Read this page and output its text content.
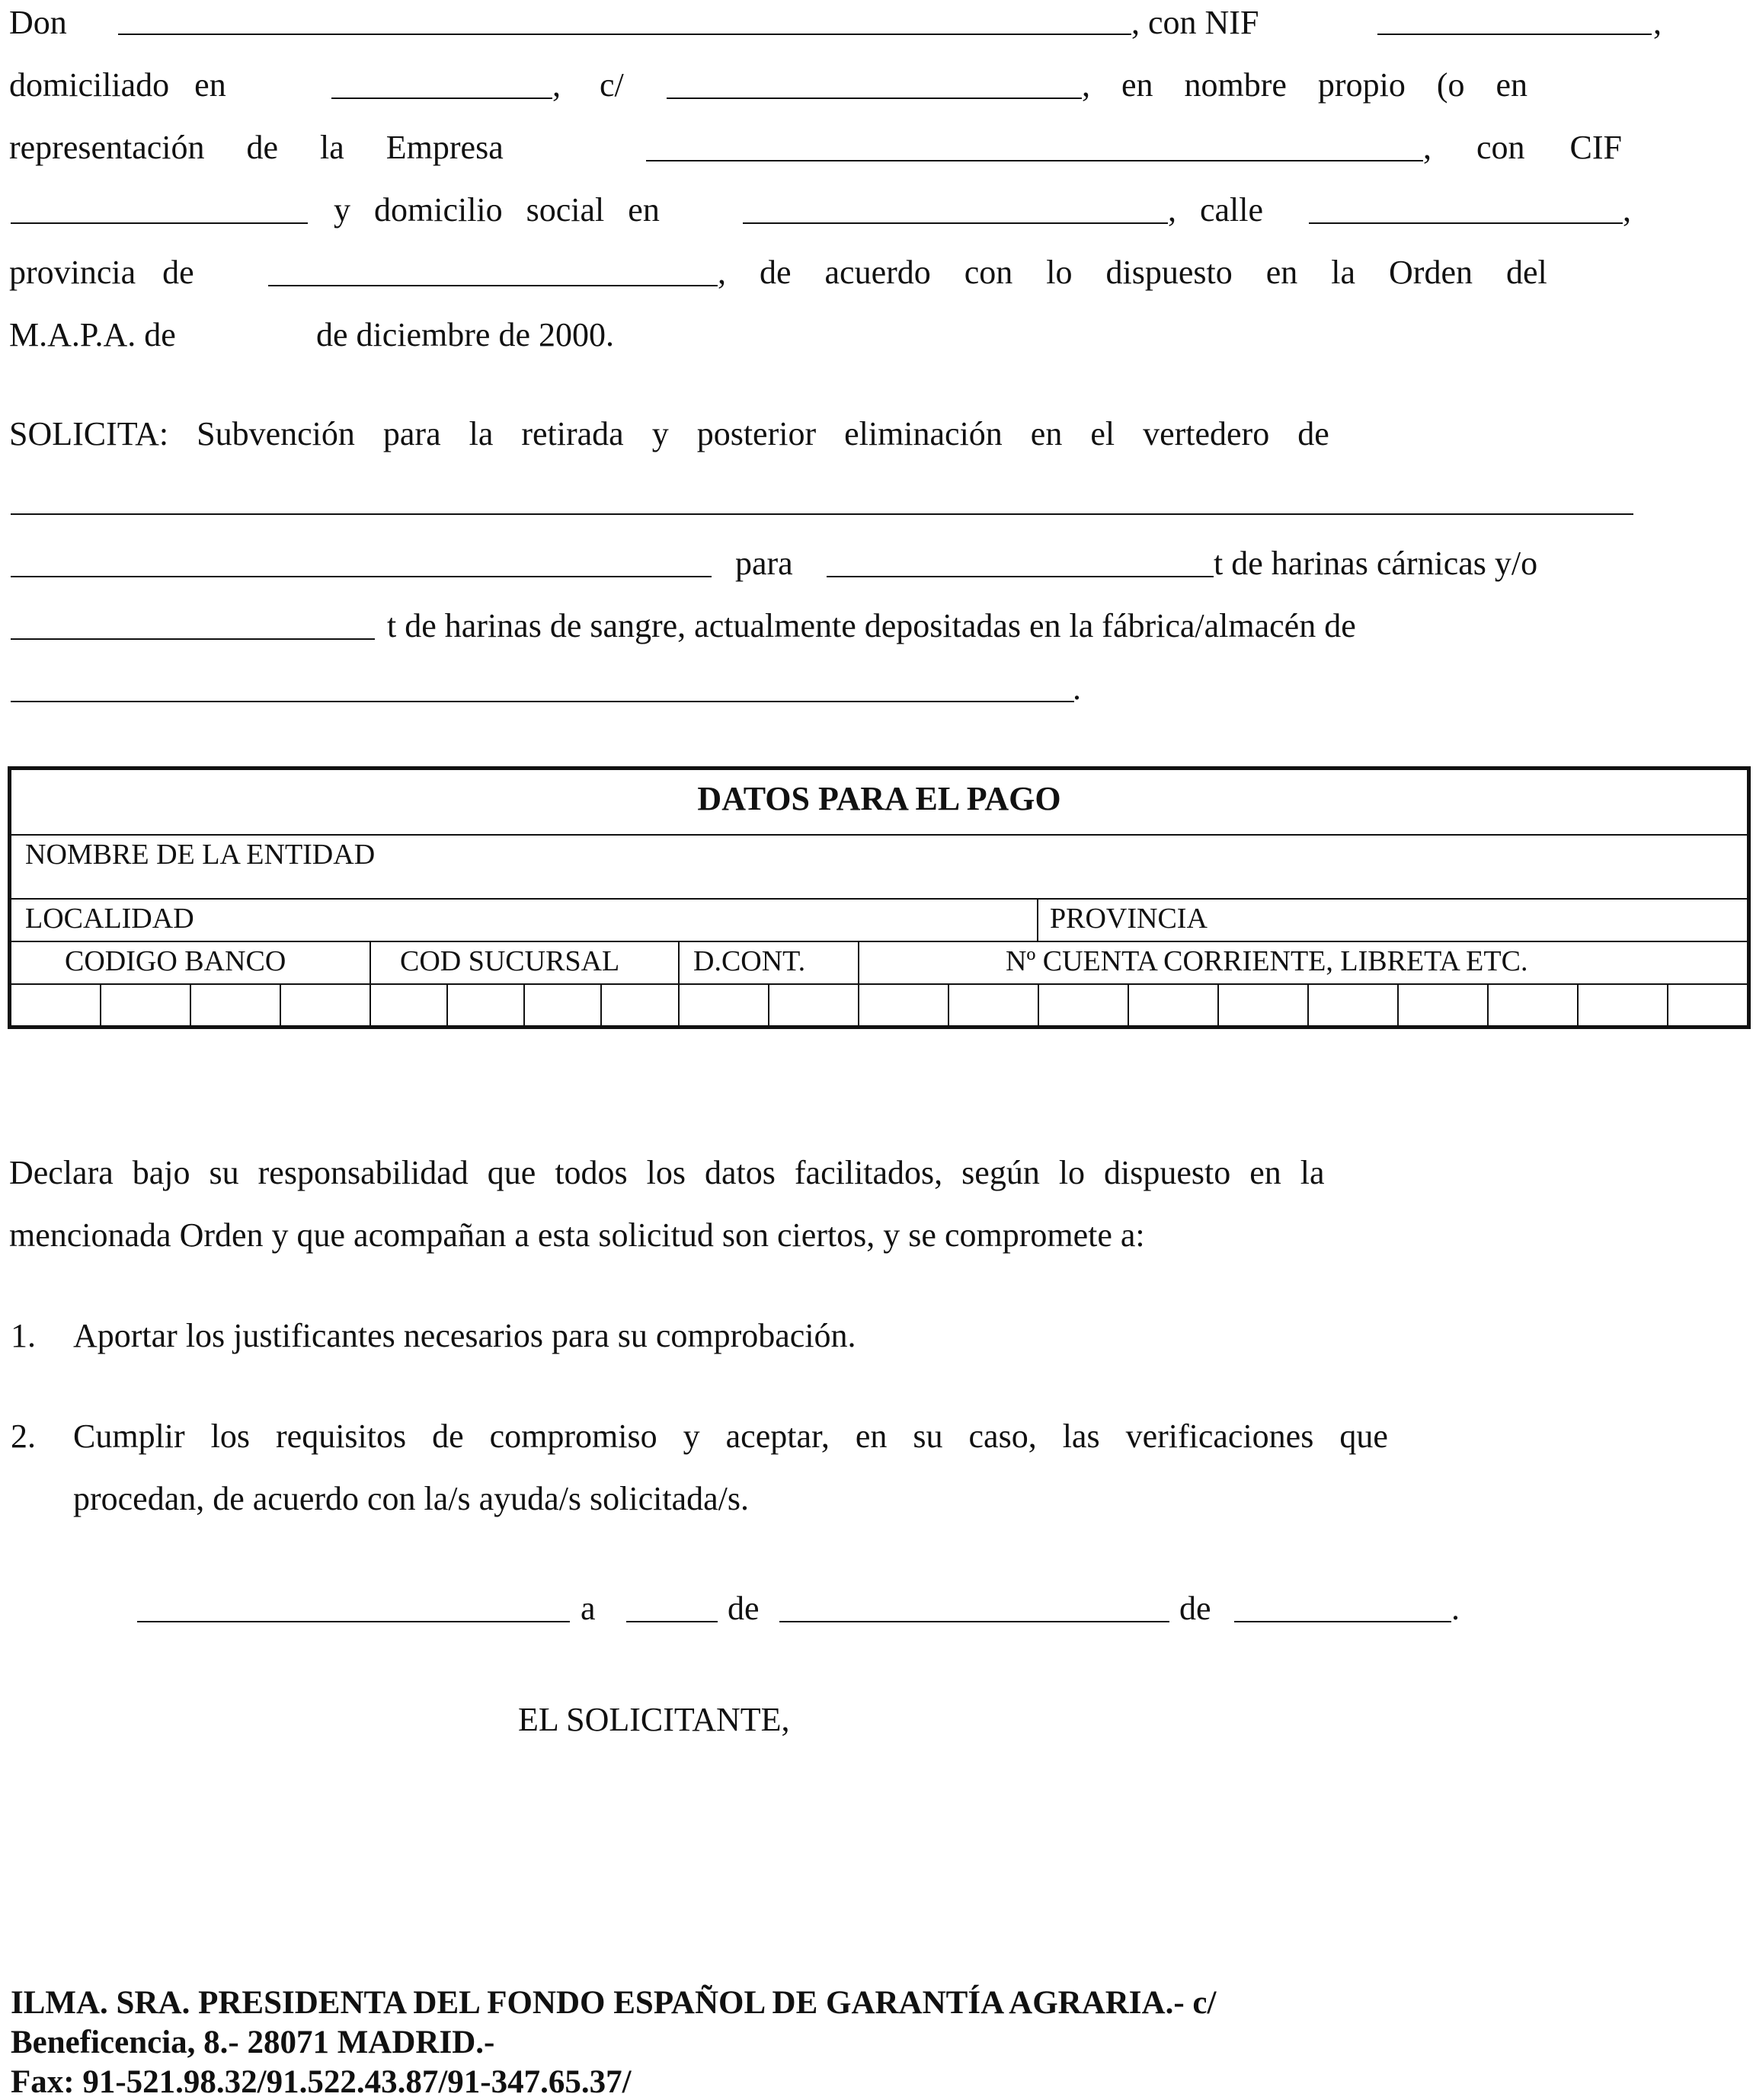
Don	, con NIF	,
domiciliado en	, c/	, en nombre propio (o en
representación de la Empresa	, con CIF
y domicilio social en	, calle	,
provincia de	, de acuerdo con lo dispuesto en la Orden del
M.A.P.A. de	de diciembre de 2000.
SOLICITA: Subvención para la retirada y posterior eliminación en el vertedero de
para	t de harinas cárnicas y/o
t de harinas de sangre, actualmente depositadas en la fábrica/almacén de
.
DATOS PARA EL PAGO
NOMBRE DE LA ENTIDAD
LOCALIDAD	PROVINCIA
CODIGO BANCO	COD SUCURSAL	D.CONT.	Nº CUENTA CORRIENTE, LIBRETA ETC.
Declara bajo su responsabilidad que todos los datos facilitados, según lo dispuesto en la
mencionada Orden y que acompañan a esta solicitud son ciertos, y se compromete a:
1. Aportar los justificantes necesarios para su comprobación.
2. Cumplir los requisitos de compromiso y aceptar, en su caso, las verificaciones que
procedan, de acuerdo con la/s ayuda/s solicitada/s.
a	de	de	.
EL SOLICITANTE,
ILMA. SRA. PRESIDENTA DEL FONDO ESPAÑOL DE GARANTÍA AGRARIA.- c/
Beneficencia, 8.- 28071 MADRID.-
Fax: 91-521.98.32/91.522.43.87/91-347.65.37/
